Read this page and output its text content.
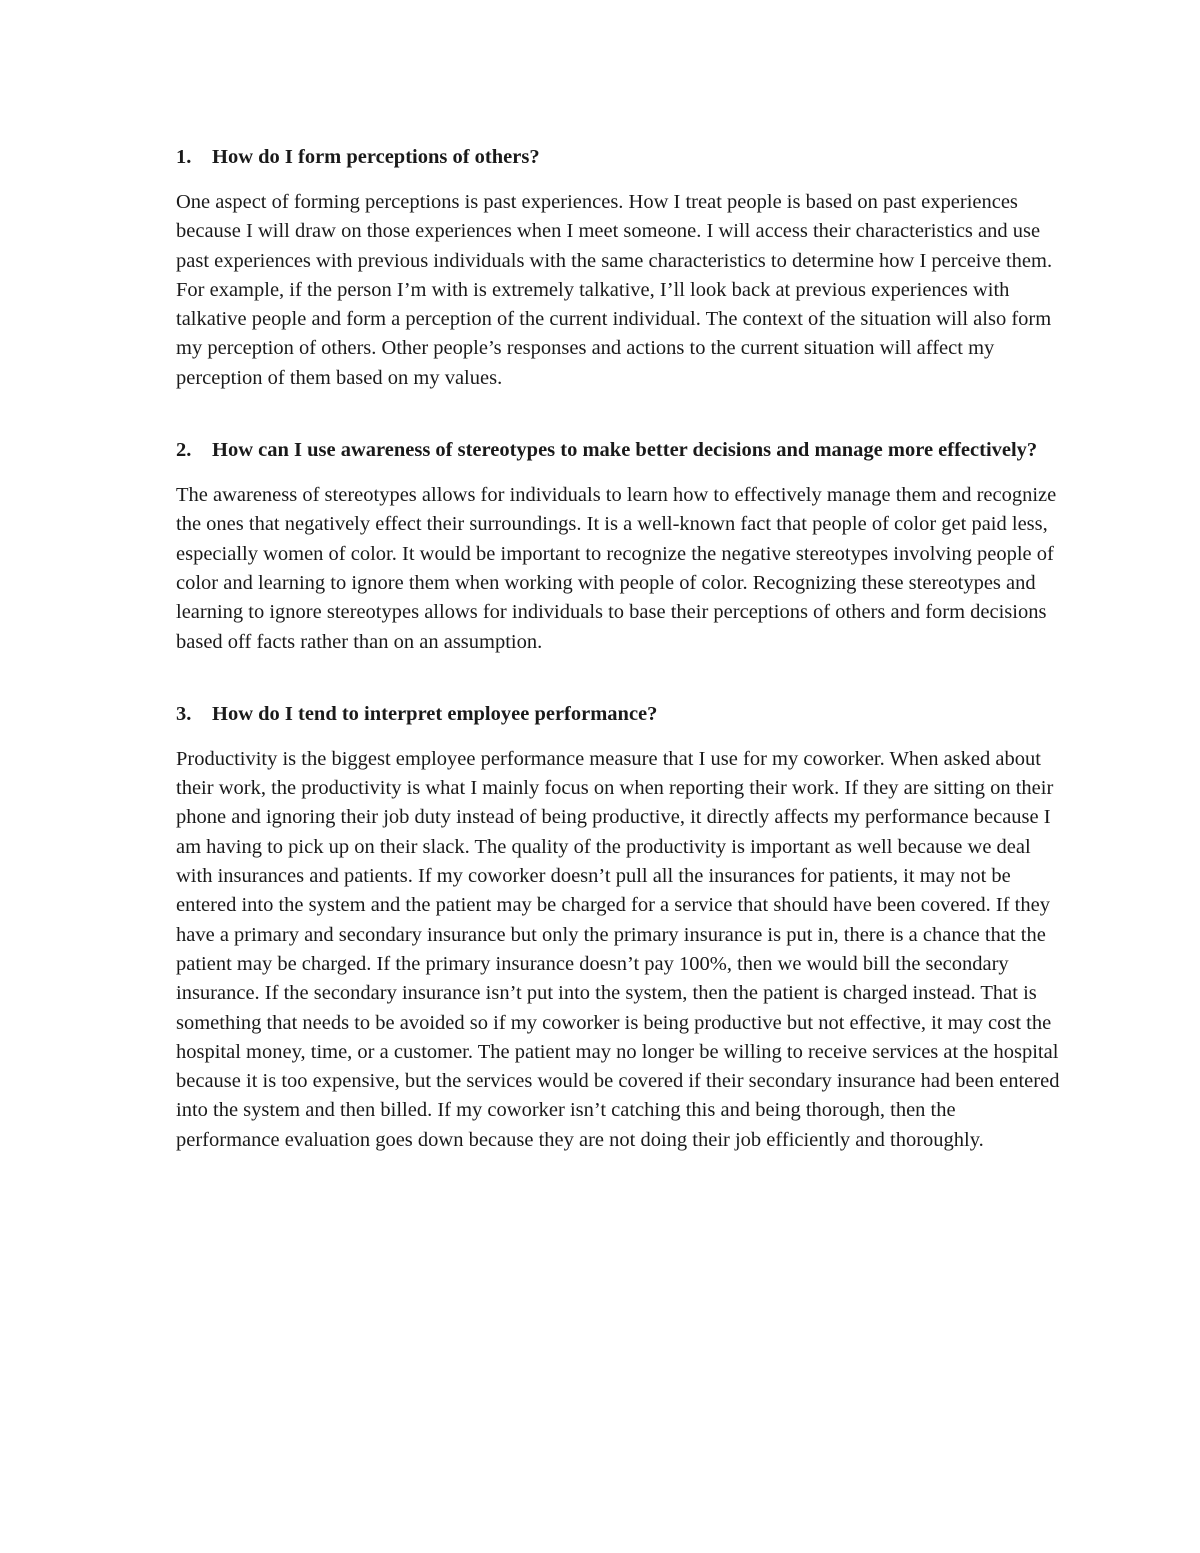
1.	How do I form perceptions of others?

One aspect of forming perceptions is past experiences. How I treat people is based on past experiences because I will draw on those experiences when I meet someone. I will access their characteristics and use past experiences with previous individuals with the same characteristics to determine how I perceive them. For example, if the person I’m with is extremely talkative, I’ll look back at previous experiences with talkative people and form a perception of the current individual. The context of the situation will also form my perception of others. Other people’s responses and actions to the current situation will affect my perception of them based on my values.

2.	How can I use awareness of stereotypes to make better decisions and manage more effectively?

The awareness of stereotypes allows for individuals to learn how to effectively manage them and recognize the ones that negatively effect their surroundings. It is a well-known fact that people of color get paid less, especially women of color. It would be important to recognize the negative stereotypes involving people of color and learning to ignore them when working with people of color. Recognizing these stereotypes and learning to ignore stereotypes allows for individuals to base their perceptions of others and form decisions based off facts rather than on an assumption.

3.	How do I tend to interpret employee performance?

Productivity is the biggest employee performance measure that I use for my coworker. When asked about their work, the productivity is what I mainly focus on when reporting their work. If they are sitting on their phone and ignoring their job duty instead of being productive, it directly affects my performance because I am having to pick up on their slack. The quality of the productivity is important as well because we deal with insurances and patients. If my coworker doesn’t pull all the insurances for patients, it may not be entered into the system and the patient may be charged for a service that should have been covered. If they have a primary and secondary insurance but only the primary insurance is put in, there is a chance that the patient may be charged. If the primary insurance doesn’t pay 100%, then we would bill the secondary insurance. If the secondary insurance isn’t put into the system, then the patient is charged instead. That is something that needs to be avoided so if my coworker is being productive but not effective, it may cost the hospital money, time, or a customer. The patient may no longer be willing to receive services at the hospital because it is too expensive, but the services would be covered if their secondary insurance had been entered into the system and then billed. If my coworker isn’t catching this and being thorough, then the performance evaluation goes down because they are not doing their job efficiently and thoroughly.
